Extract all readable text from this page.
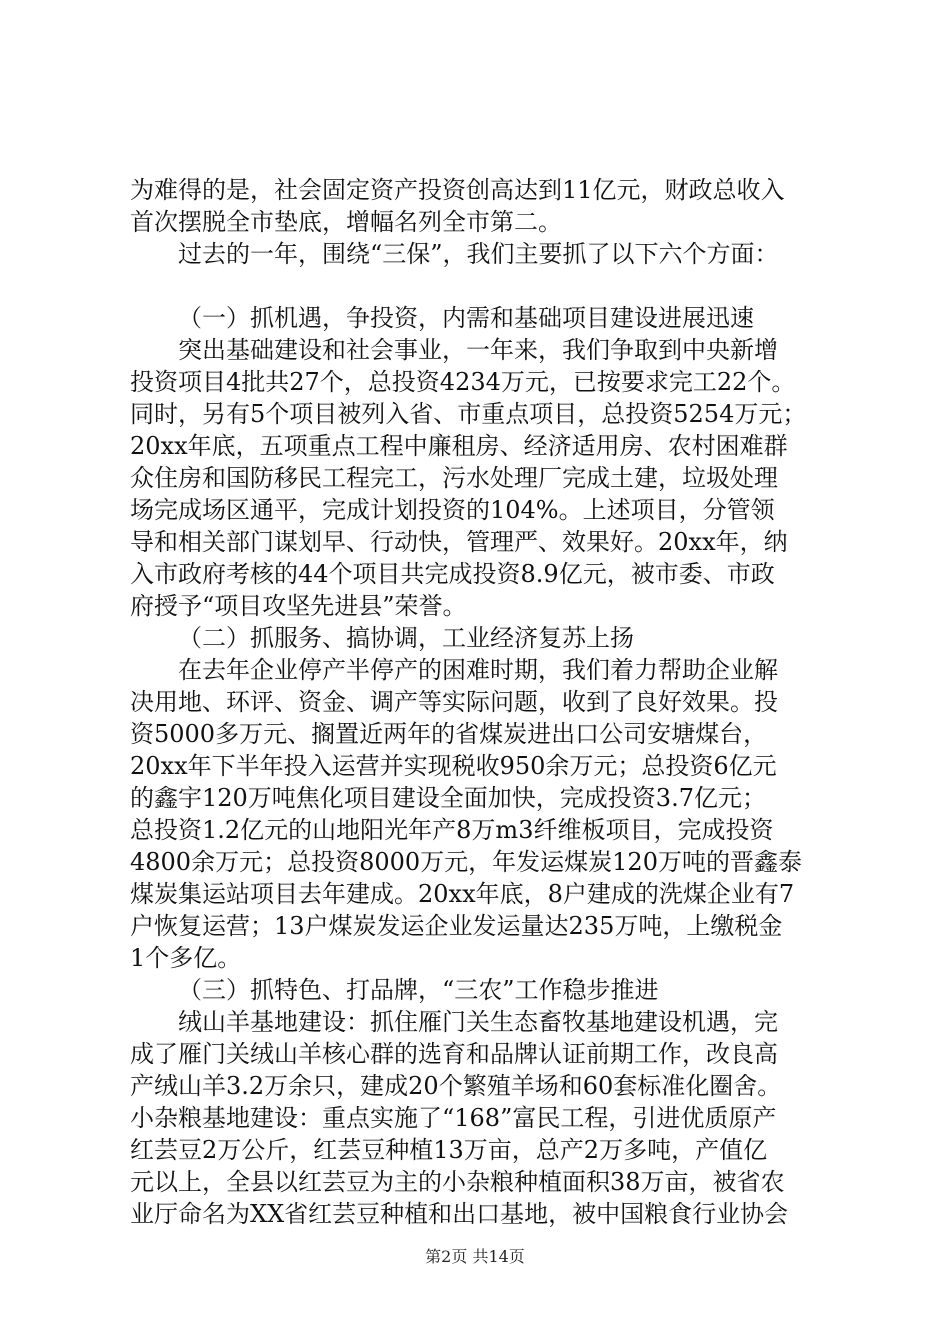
为难得的是，社会固定资产投资创高达到11亿元，财政总收入
首次摆脱全市垫底，增幅名列全市第二。
过去的一年，围绕“三保”，我们主要抓了以下六个方面：
（一）抓机遇，争投资，内需和基础项目建设进展迅速
突出基础建设和社会事业，一年来，我们争取到中央新增
投资项目4批共27个，总投资4234万元，已按要求完工22个。
同时，另有5个项目被列入省、市重点项目，总投资5254万元；
20xx年底，五项重点工程中廉租房、经济适用房、农村困难群
众住房和国防移民工程完工，污水处理厂完成土建，垃圾处理
场完成场区通平，完成计划投资的104%。上述项目，分管领
导和相关部门谋划早、行动快，管理严、效果好。20xx年，纳
入市政府考核的44个项目共完成投资8.9亿元，被市委、市政
府授予“项目攻坚先进县”荣誉。
（二）抓服务、搞协调，工业经济复苏上扬
在去年企业停产半停产的困难时期，我们着力帮助企业解
决用地、环评、资金、调产等实际问题，收到了良好效果。投
资5000多万元、搁置近两年的省煤炭进出口公司安塘煤台，
20xx年下半年投入运营并实现税收950余万元；总投资6亿元
的鑫宇120万吨焦化项目建设全面加快，完成投资3.7亿元；
总投资1.2亿元的山地阳光年产8万m3纤维板项目，完成投资
4800余万元；总投资8000万元，年发运煤炭120万吨的晋鑫泰
煤炭集运站项目去年建成。20xx年底，8户建成的洗煤企业有7
户恢复运营；13户煤炭发运企业发运量达235万吨，上缴税金
1个多亿。
（三）抓特色、打品牌，“三农”工作稳步推进
绒山羊基地建设：抓住雁门关生态畜牧基地建设机遇，完
成了雁门关绒山羊核心群的选育和品牌认证前期工作，改良高
产绒山羊3.2万余只，建成20个繁殖羊场和60套标准化圈舍。
小杂粮基地建设：重点实施了“168”富民工程，引进优质原产
红芸豆2万公斤，红芸豆种植13万亩，总产2万多吨，产值亿
元以上，全县以红芸豆为主的小杂粮种植面积38万亩，被省农
业厅命名为XX省红芸豆种植和出口基地，被中国粮食行业协会
第2页 共14页
